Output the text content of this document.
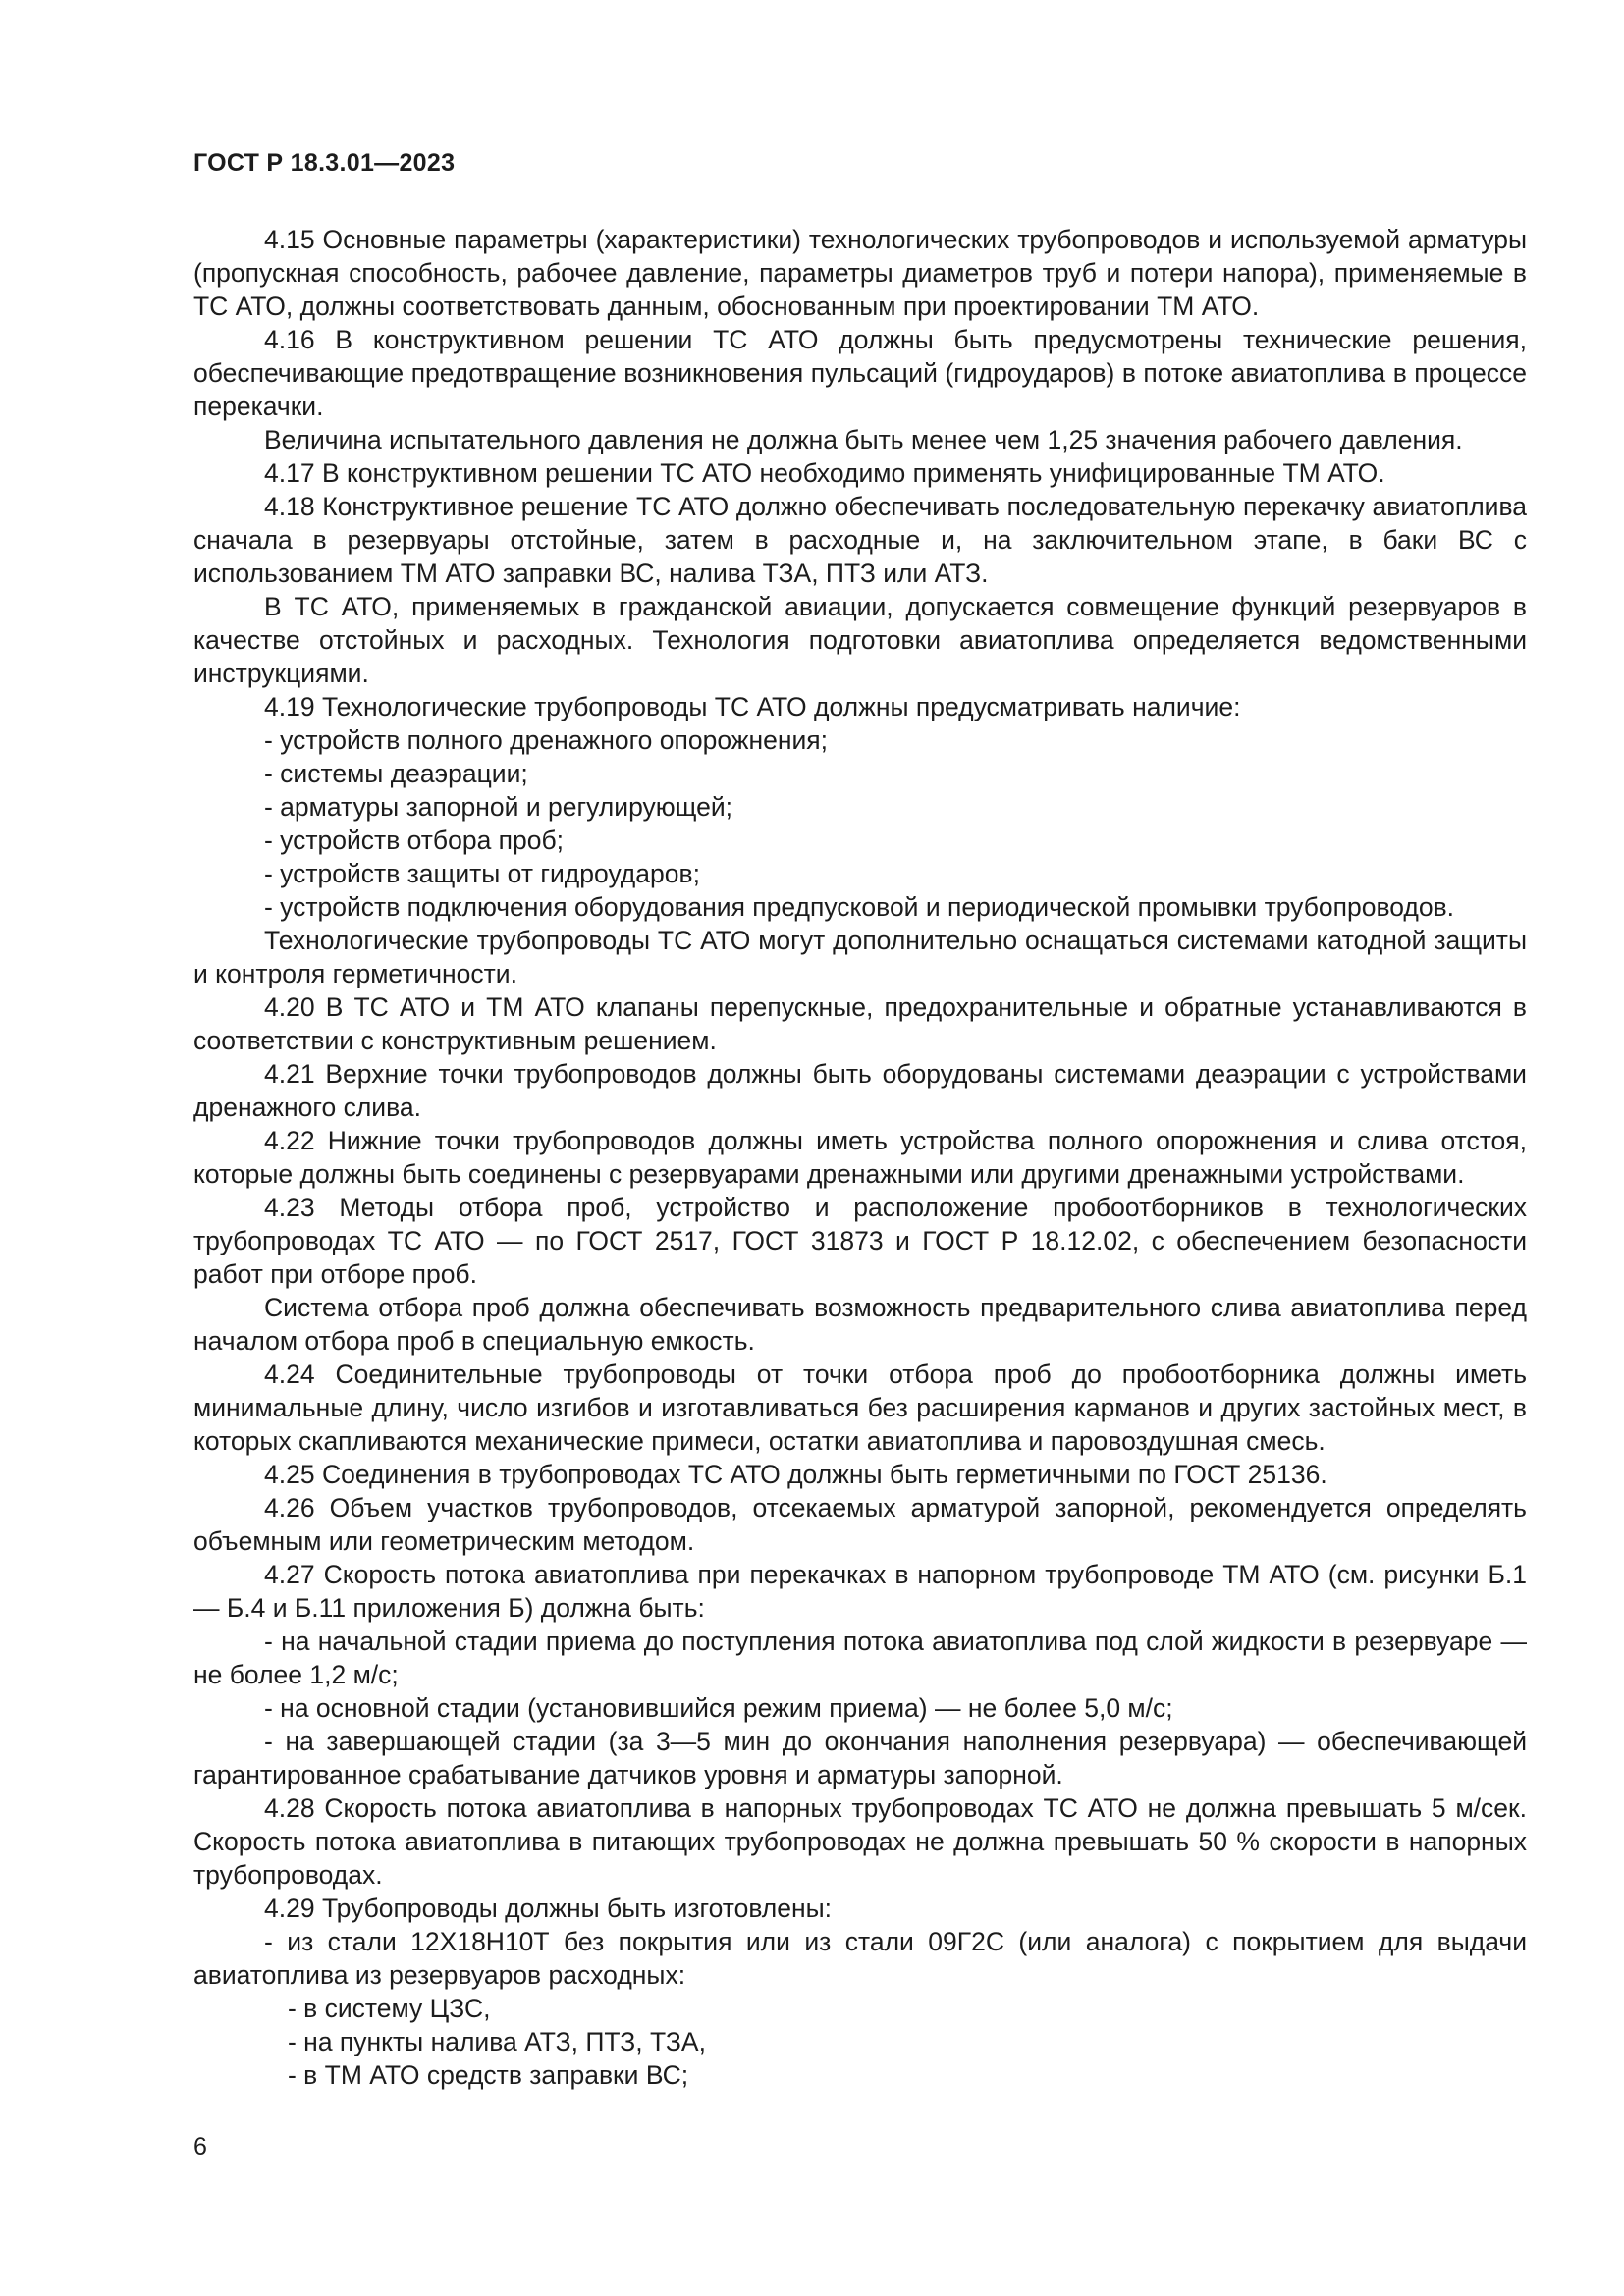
ГОСТ Р 18.3.01—2023

4.15 Основные параметры (характеристики) технологических трубопроводов и используемой арматуры (пропускная способность, рабочее давление, параметры диаметров труб и потери напора), применяемые в ТС АТО, должны соответствовать данным, обоснованным при проектировании ТМ АТО.

4.16 В конструктивном решении ТС АТО должны быть предусмотрены технические решения, обеспечивающие предотвращение возникновения пульсаций (гидроударов) в потоке авиатоплива в процессе перекачки.

Величина испытательного давления не должна быть менее чем 1,25 значения рабочего давления.

4.17 В конструктивном решении ТС АТО необходимо применять унифицированные ТМ АТО.

4.18 Конструктивное решение ТС АТО должно обеспечивать последовательную перекачку авиатоплива сначала в резервуары отстойные, затем в расходные и, на заключительном этапе, в баки ВС с использованием ТМ АТО заправки ВС, налива ТЗА, ПТЗ или АТЗ.

В ТС АТО, применяемых в гражданской авиации, допускается совмещение функций резервуаров в качестве отстойных и расходных. Технология подготовки авиатоплива определяется ведомственными инструкциями.

4.19 Технологические трубопроводы ТС АТО должны предусматривать наличие:

- устройств полного дренажного опорожнения;

- системы деаэрации;

- арматуры запорной и регулирующей;

- устройств отбора проб;

- устройств защиты от гидроударов;

- устройств подключения оборудования предпусковой и периодической промывки трубопроводов.

Технологические трубопроводы ТС АТО могут дополнительно оснащаться системами катодной защиты и контроля герметичности.

4.20 В ТС АТО и ТМ АТО клапаны перепускные, предохранительные и обратные устанавливаются в соответствии с конструктивным решением.

4.21 Верхние точки трубопроводов должны быть оборудованы системами деаэрации с устройствами дренажного слива.

4.22 Нижние точки трубопроводов должны иметь устройства полного опорожнения и слива отстоя, которые должны быть соединены с резервуарами дренажными или другими дренажными устройствами.

4.23 Методы отбора проб, устройство и расположение пробоотборников в технологических трубопроводах ТС АТО — по ГОСТ 2517, ГОСТ 31873 и ГОСТ Р 18.12.02, с обеспечением безопасности работ при отборе проб.

Система отбора проб должна обеспечивать возможность предварительного слива авиатоплива перед началом отбора проб в специальную емкость.

4.24 Соединительные трубопроводы от точки отбора проб до пробоотборника должны иметь минимальные длину, число изгибов и изготавливаться без расширения карманов и других застойных мест, в которых скапливаются механические примеси, остатки авиатоплива и паровоздушная смесь.

4.25 Соединения в трубопроводах ТС АТО должны быть герметичными по ГОСТ 25136.

4.26 Объем участков трубопроводов, отсекаемых арматурой запорной, рекомендуется определять объемным или геометрическим методом.

4.27 Скорость потока авиатоплива при перекачках в напорном трубопроводе ТМ АТО (см. рисунки Б.1 — Б.4 и Б.11 приложения Б) должна быть:

- на начальной стадии приема до поступления потока авиатоплива под слой жидкости в резервуаре — не более 1,2 м/с;

- на основной стадии (установившийся режим приема) — не более 5,0 м/с;

- на завершающей стадии (за 3—5 мин до окончания наполнения резервуара) — обеспечивающей гарантированное срабатывание датчиков уровня и арматуры запорной.

4.28 Скорость потока авиатоплива в напорных трубопроводах ТС АТО не должна превышать 5 м/сек. Скорость потока авиатоплива в питающих трубопроводах не должна превышать 50 % скорости в напорных трубопроводах.

4.29 Трубопроводы должны быть изготовлены:

- из стали 12Х18Н10Т без покрытия или из стали 09Г2С (или аналога) с покрытием для выдачи авиатоплива из резервуаров расходных:

- в систему ЦЗС,

- на пункты налива АТЗ, ПТЗ, ТЗА,

- в ТМ АТО средств заправки ВС;

6
